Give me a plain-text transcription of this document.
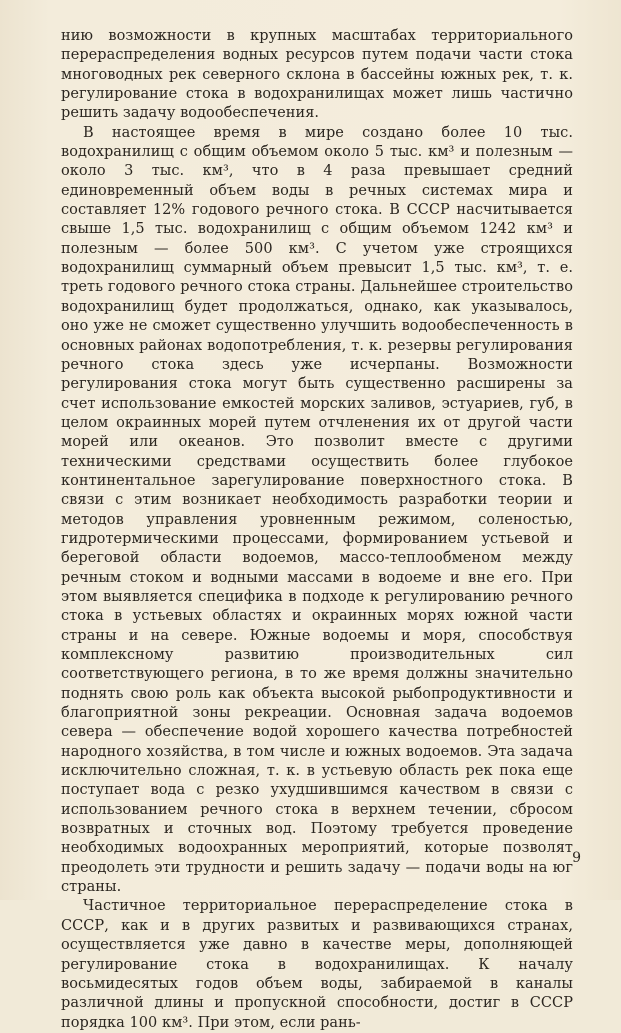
нию возможности в крупных масштабах территориального перераспределения водных ресурсов путем подачи части стока многоводных рек северного склона в бассейны южных рек, т. к. регулирование стока в водохранилищах может лишь частично решить задачу водообеспечения.

В настоящее время в мире создано более 10 тыс. водохранилищ с общим объемом около 5 тыс. км³ и полезным — около 3 тыс. км³, что в 4 раза превышает средний единовременный объем воды в речных системах мира и составляет 12% годового речного стока. В СССР насчитывается свыше 1,5 тыс. водохранилищ с общим объемом 1242 км³ и полезным — более 500 км³. С учетом уже строящихся водохранилищ суммарный объем превысит 1,5 тыс. км³, т. е. треть годового речного стока страны. Дальнейшее строительство водохранилищ будет продолжаться, однако, как указывалось, оно уже не сможет существенно улучшить водообеспеченность в основных районах водопотребления, т. к. резервы регулирования речного стока здесь уже исчерпаны. Возможности регулирования стока могут быть существенно расширены за счет использование емкостей морских заливов, эстуариев, губ, в целом окраинных морей путем отчленения их от другой части морей или океанов. Это позволит вместе с другими техническими средствами осуществить более глубокое континентальное зарегулирование поверхностного стока. В связи с этим возникает необходимость разработки теории и методов управления уровненным режимом, соленостью, гидротермическими процессами, формированием устьевой и береговой области водоемов, массо-теплообменом между речным стоком и водными массами в водоеме и вне его. При этом выявляется специфика в подходе к регулированию речного стока в устьевых областях и окраинных морях южной части страны и на севере. Южные водоемы и моря, способствуя комплексному развитию производительных сил соответствующего региона, в то же время должны значительно поднять свою роль как объекта высокой рыбопродуктивности и благоприятной зоны рекреации. Основная задача водоемов севера — обеспечение водой хорошего качества потребностей народного хозяйства, в том числе и южных водоемов. Эта задача исключительно сложная, т. к. в устьевую область рек пока еще поступает вода с резко ухудшившимся качеством в связи с использованием речного стока в верхнем течении, сбросом возвратных и сточных вод. Поэтому требуется проведение необходимых водоохранных мероприятий, которые позволят преодолеть эти трудности и решить задачу — подачи воды на юг страны.

Частичное территориальное перераспределение стока в СССР, как и в других развитых и развивающихся странах, осуществляется уже давно в качестве меры, дополняющей регулирование стока в водохранилищах. К началу восьмидесятых годов объем воды, забираемой в каналы различной длины и пропускной способности, достиг в СССР порядка 100 км³. При этом, если рань-

9
